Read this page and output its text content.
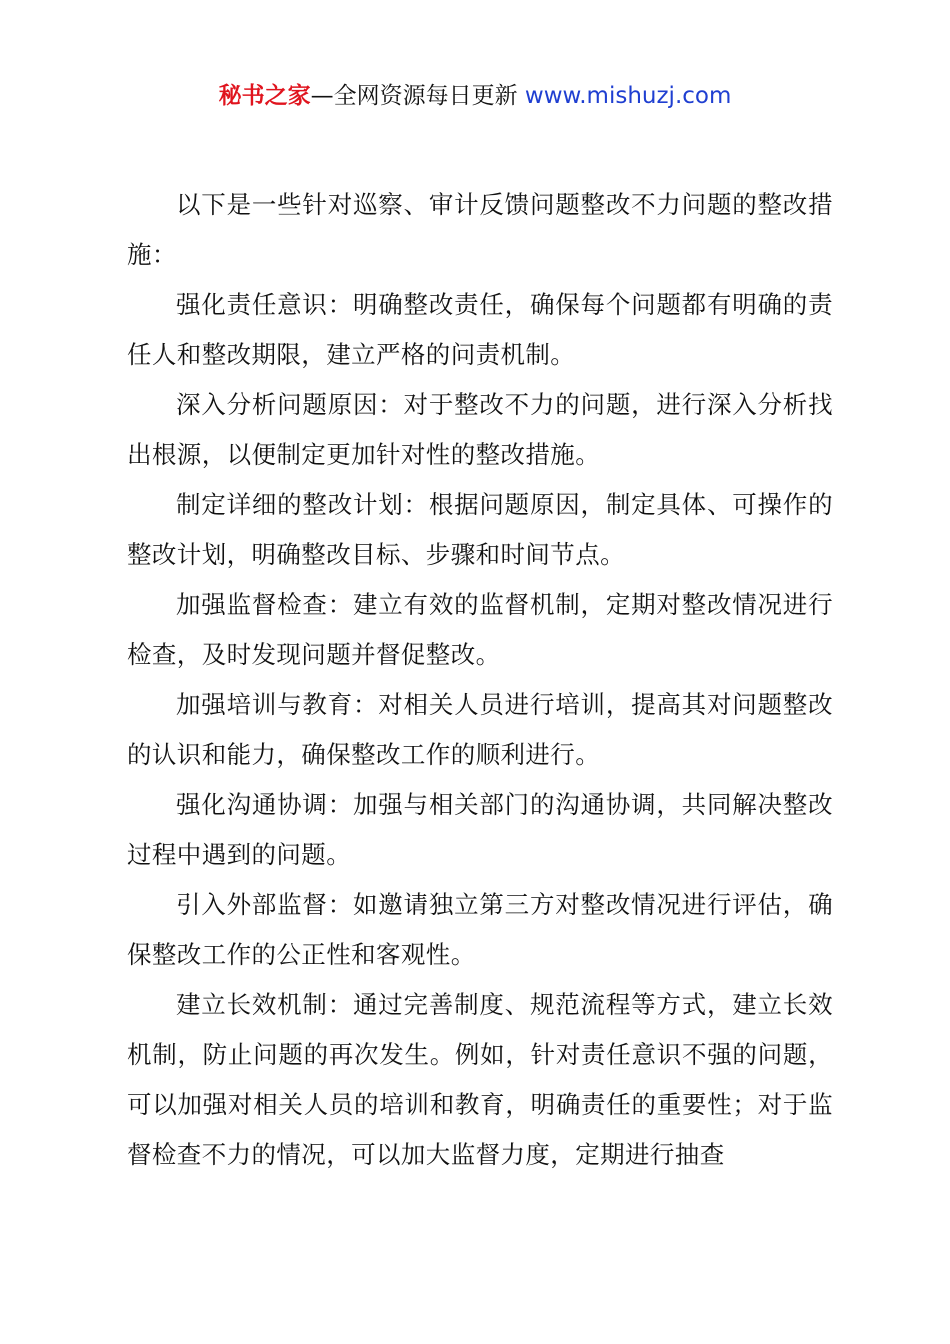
秘书之家—全网资源每日更新 www.mishuzj.com

以下是一些针对巡察、审计反馈问题整改不力问题的整改措施：

强化责任意识：明确整改责任，确保每个问题都有明确的责任人和整改期限，建立严格的问责机制。

深入分析问题原因：对于整改不力的问题，进行深入分析找出根源，以便制定更加针对性的整改措施。

制定详细的整改计划：根据问题原因，制定具体、可操作的整改计划，明确整改目标、步骤和时间节点。

加强监督检查：建立有效的监督机制，定期对整改情况进行检查，及时发现问题并督促整改。

加强培训与教育：对相关人员进行培训，提高其对问题整改的认识和能力，确保整改工作的顺利进行。

强化沟通协调：加强与相关部门的沟通协调，共同解决整改过程中遇到的问题。

引入外部监督：如邀请独立第三方对整改情况进行评估，确保整改工作的公正性和客观性。

建立长效机制：通过完善制度、规范流程等方式，建立长效机制，防止问题的再次发生。例如，针对责任意识不强的问题，可以加强对相关人员的培训和教育，明确责任的重要性；对于监督检查不力的情况，可以加大监督力度，定期进行抽查
